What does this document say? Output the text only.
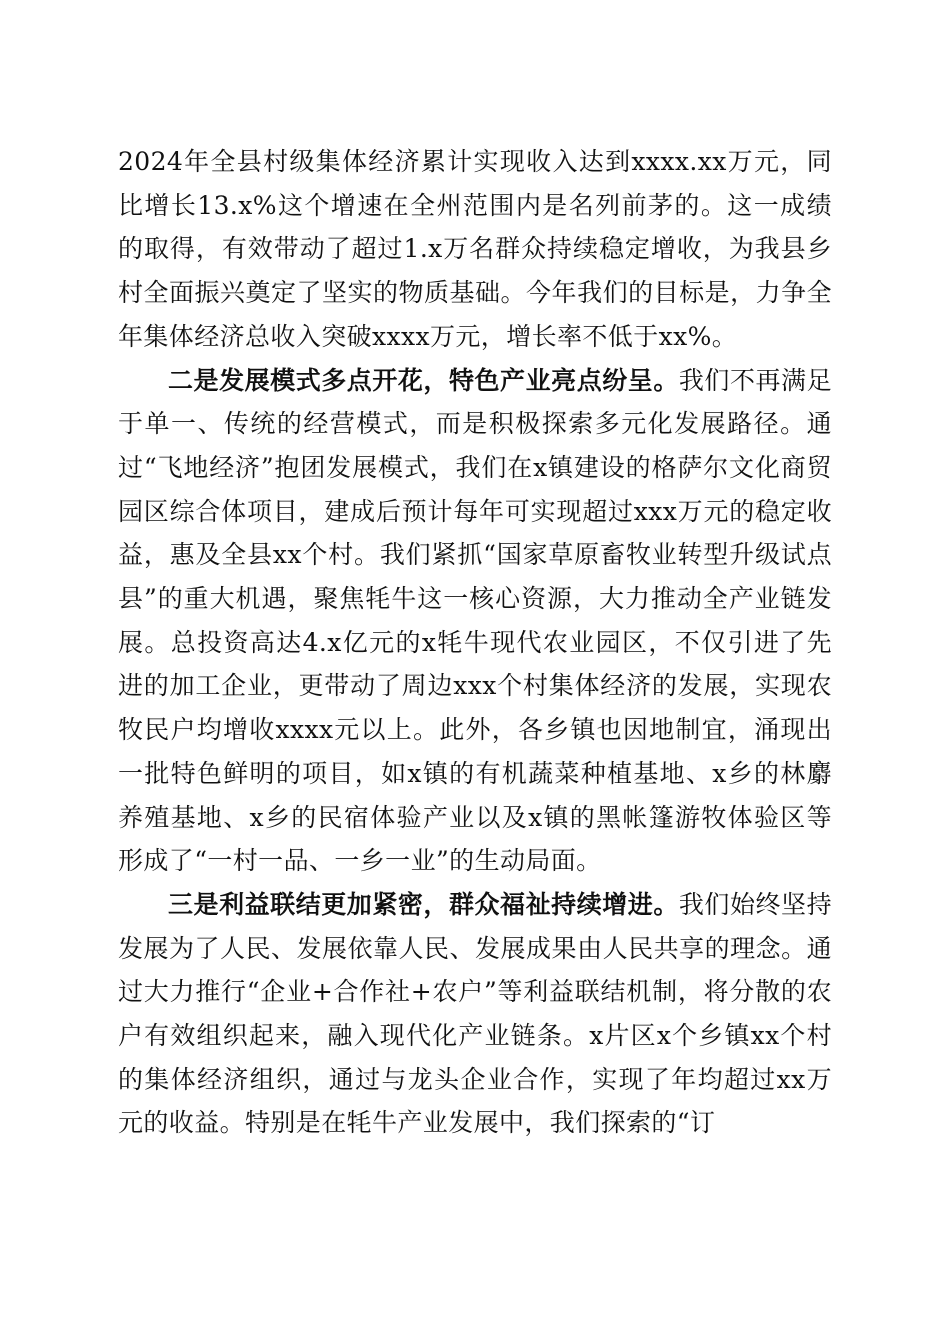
2024年全县村级集体经济累计实现收入达到xxxx.xx万元，同比增长13.x%这个增速在全州范围内是名列前茅的。这一成绩的取得，有效带动了超过1.x万名群众持续稳定增收，为我县乡村全面振兴奠定了坚实的物质基础。今年我们的目标是，力争全年集体经济总收入突破xxxx万元，增长率不低于xx%。

二是发展模式多点开花，特色产业亮点纷呈。我们不再满足于单一、传统的经营模式，而是积极探索多元化发展路径。通过“飞地经济”抱团发展模式，我们在x镇建设的格萨尔文化商贸园区综合体项目，建成后预计每年可实现超过xxx万元的稳定收益，惠及全县xx个村。我们紧抓“国家草原畜牧业转型升级试点县”的重大机遇，聚焦牦牛这一核心资源，大力推动全产业链发展。总投资高达4.x亿元的x牦牛现代农业园区，不仅引进了先进的加工企业，更带动了周边xxx个村集体经济的发展，实现农牧民户均增收xxxx元以上。此外，各乡镇也因地制宜，涌现出一批特色鲜明的项目，如x镇的有机蔬菜种植基地、x乡的林麝养殖基地、x乡的民宿体验产业以及x镇的黑帐篷游牧体验区等形成了“一村一品、一乡一业”的生动局面。

三是利益联结更加紧密，群众福祉持续增进。我们始终坚持发展为了人民、发展依靠人民、发展成果由人民共享的理念。通过大力推行“企业+合作社+农户”等利益联结机制，将分散的农户有效组织起来，融入现代化产业链条。x片区x个乡镇xx个村的集体经济组织，通过与龙头企业合作，实现了年均超过xx万元的收益。特别是在牦牛产业发展中，我们探索的“订
